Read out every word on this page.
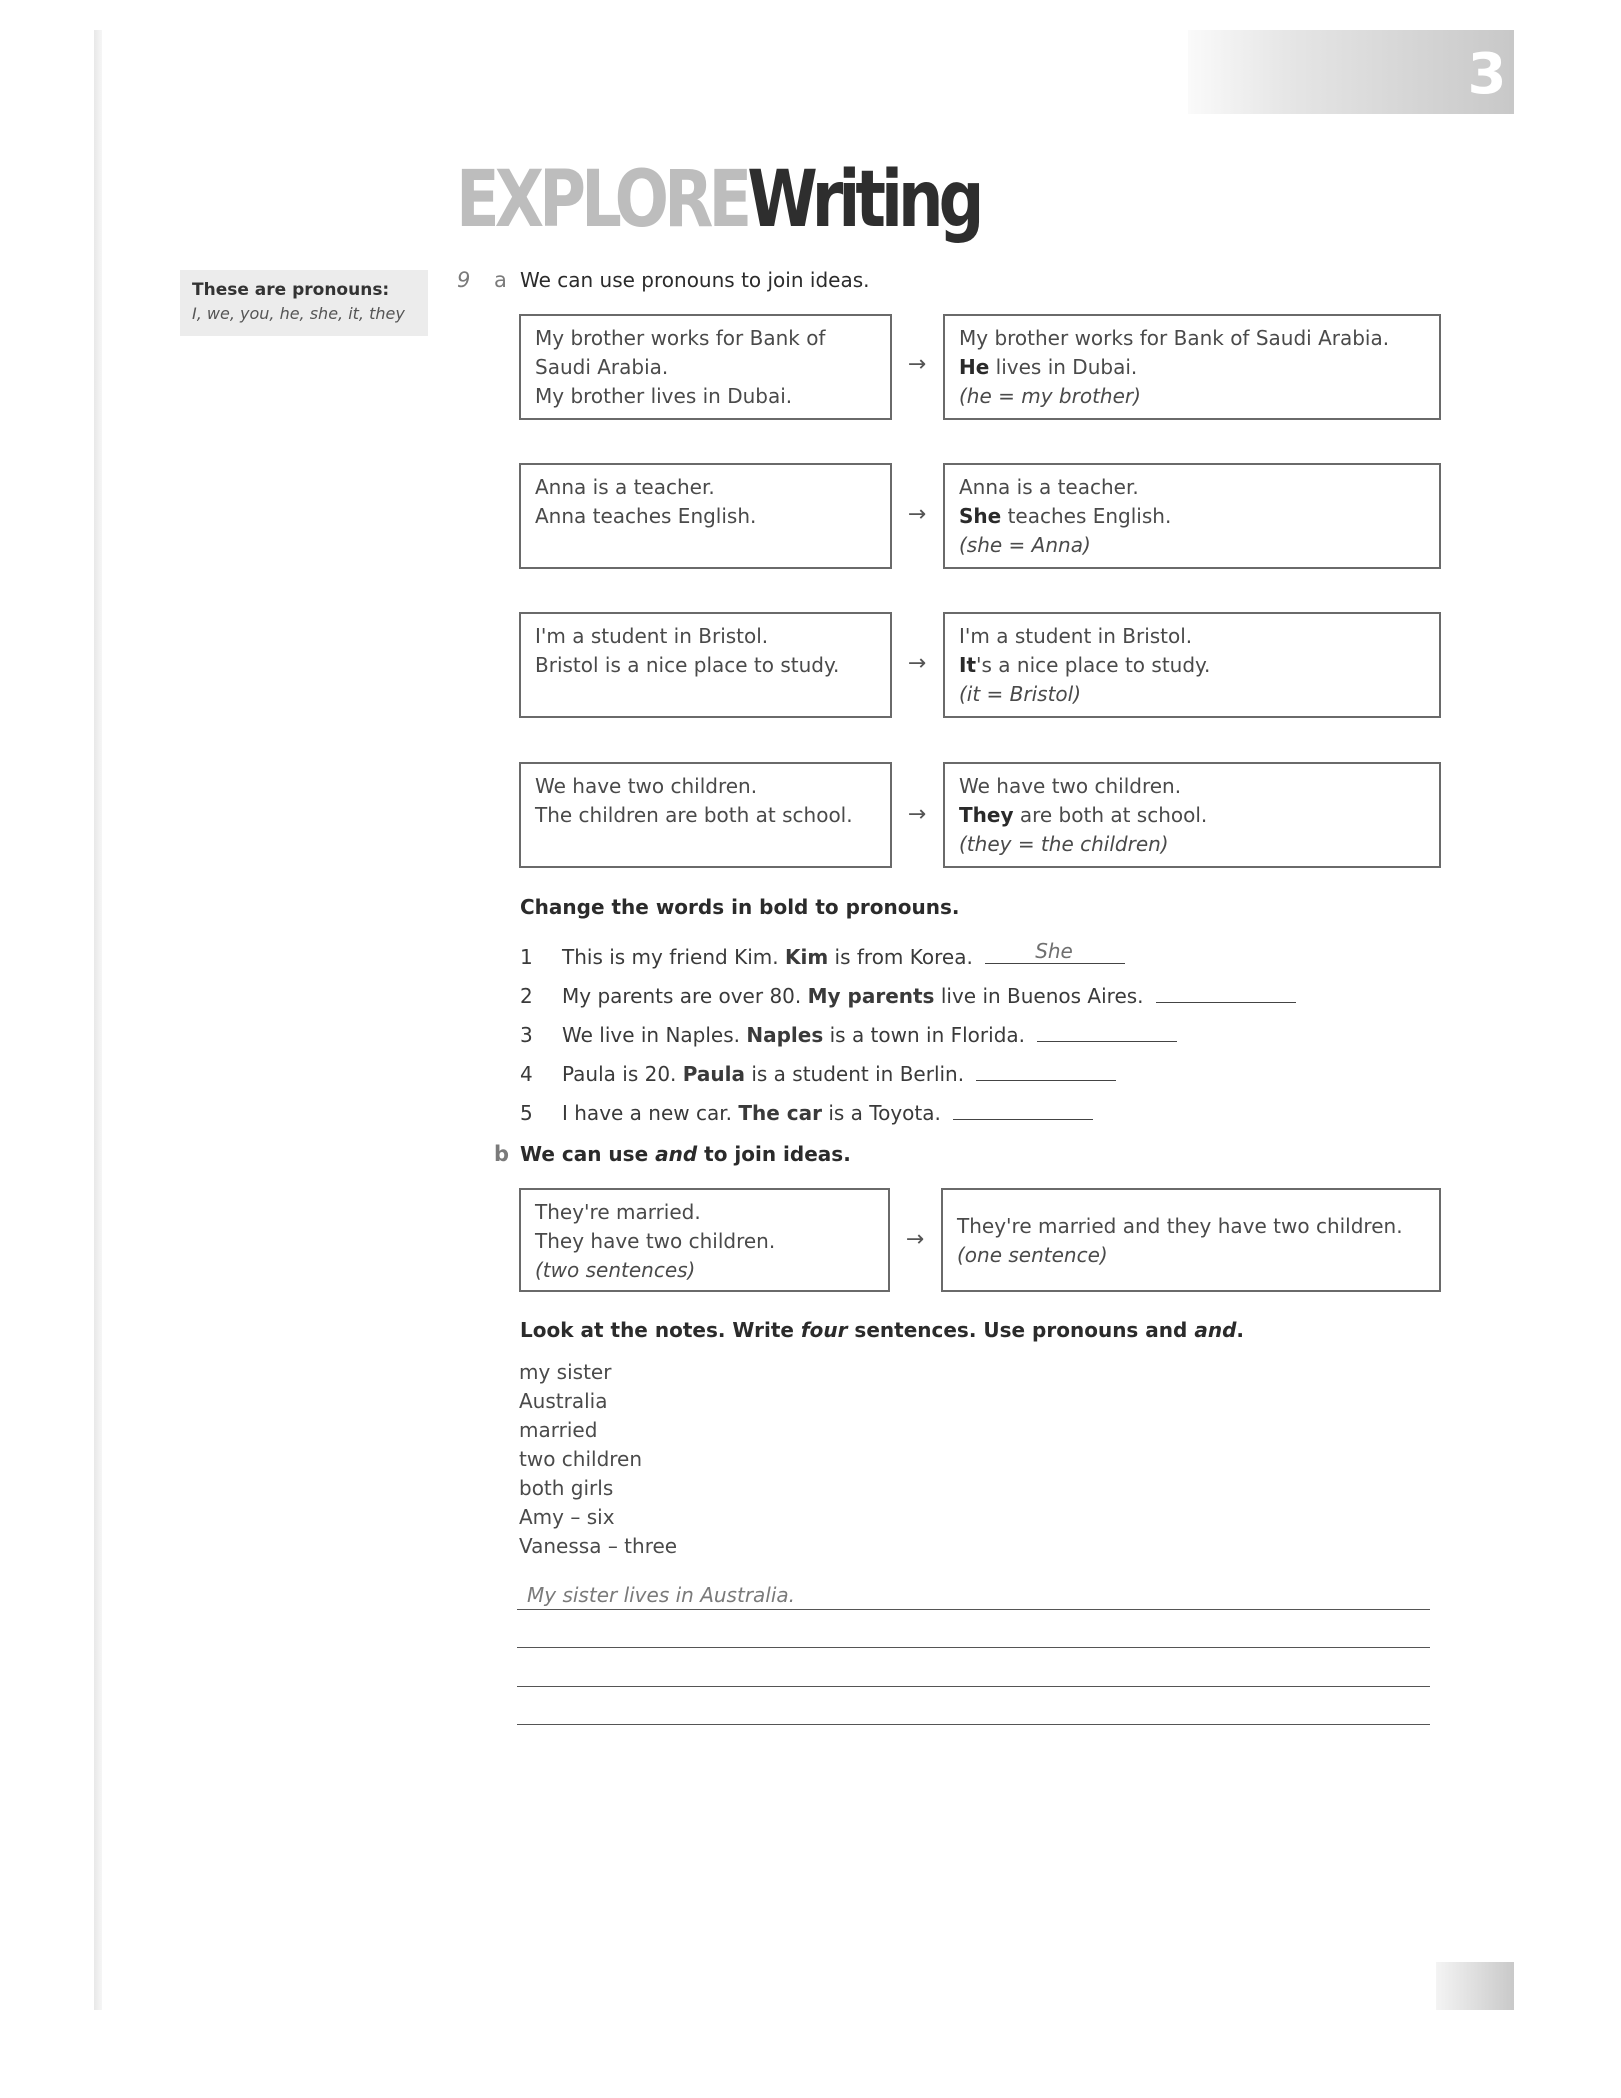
3
EXPLOREWriting
These are pronouns:
I, we, you, he, she, it, they
9 a We can use pronouns to join ideas.
My brother works for Bank of
Saudi Arabia.
My brother lives in Dubai.
→
My brother works for Bank of Saudi Arabia.
He lives in Dubai.
(he = my brother)
Anna is a teacher.
Anna teaches English.	→
Anna is a teacher.
She teaches English.
(she = Anna)
I'm a student in Bristol.
Bristol is a nice place to study.	→
I'm a student in Bristol.
It's a nice place to study.
(it = Bristol)
We have two children.
The children are both at school.	→
We have two children.
They are both at school.
(they = the children)
Change the words in bold to pronouns.
1 This is my friend Kim. Kim is from Korea.	She
2 My parents are over 80. My parents live in Buenos Aires.
3 We live in Naples. Naples is a town in Florida.
4 Paula is 20. Paula is a student in Berlin.
5 I have a new car. The car is a Toyota.
b We can use and to join ideas.
They're married.
They have two children.
(two sentences)
→
They're married and they have two children.
(one sentence)
Look at the notes. Write four sentences. Use pronouns and and.
my sister
Australia
married
two children
both girls
Amy – six
Vanessa – three
My sister lives in Australia.
